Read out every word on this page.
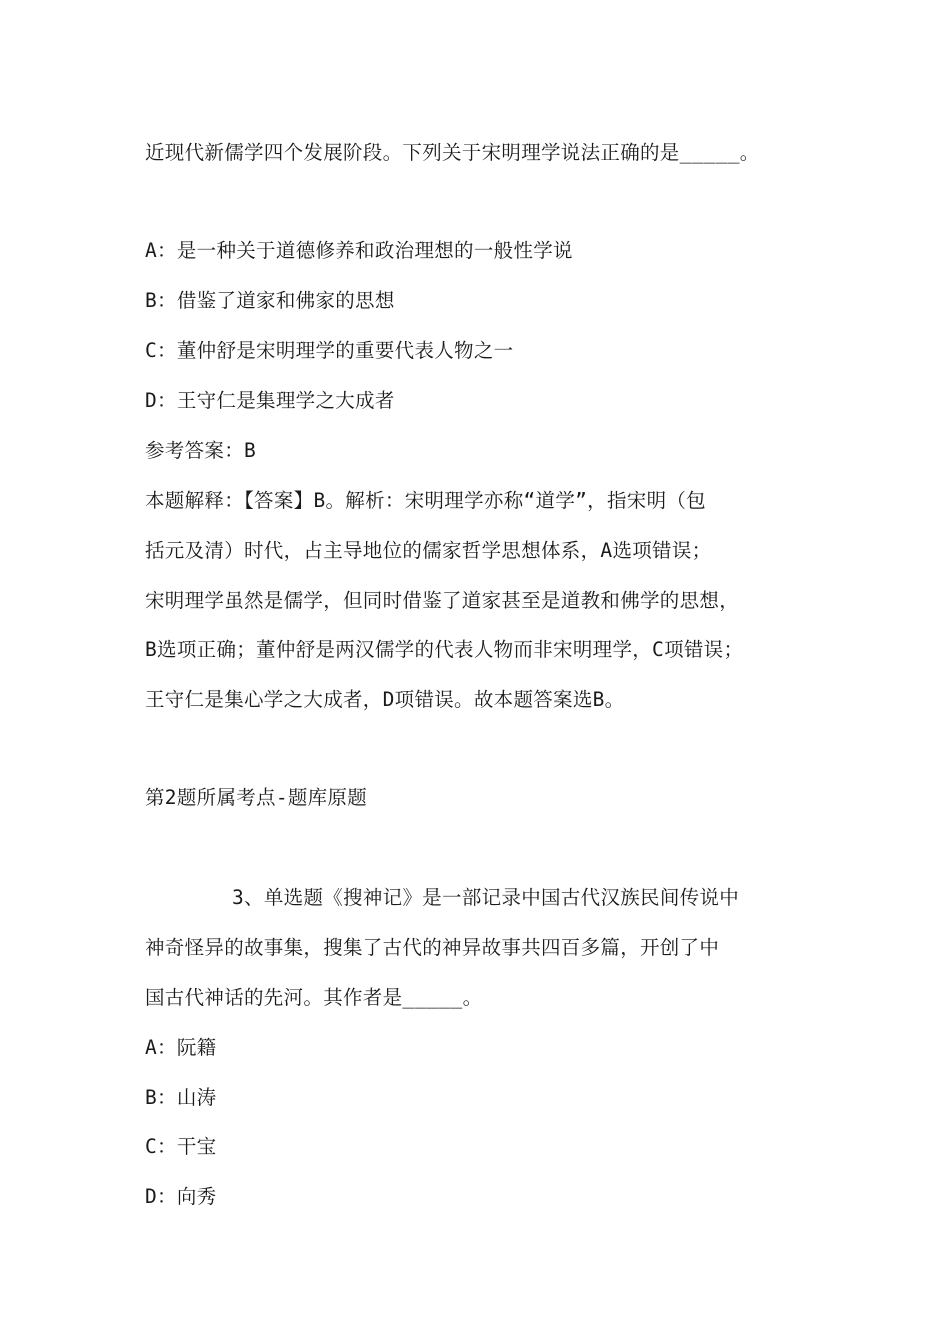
近现代新儒学四个发展阶段。下列关于宋明理学说法正确的是_____。
A：是一种关于道德修养和政治理想的一般性学说
B：借鉴了道家和佛家的思想
C：董仲舒是宋明理学的重要代表人物之一
D：王守仁是集理学之大成者
参考答案：B
本题解释：【答案】B。解析：宋明理学亦称“道学”，指宋明（包
括元及清）时代，占主导地位的儒家哲学思想体系，A选项错误；
宋明理学虽然是儒学，但同时借鉴了道家甚至是道教和佛学的思想，
B选项正确；董仲舒是两汉儒学的代表人物而非宋明理学，C项错误；
王守仁是集心学之大成者，D项错误。故本题答案选B。
第2题所属考点-题库原题
3、单选题《搜神记》是一部记录中国古代汉族民间传说中
神奇怪异的故事集，搜集了古代的神异故事共四百多篇，开创了中
国古代神话的先河。其作者是_____。
A：阮籍
B：山涛
C：干宝
D：向秀
